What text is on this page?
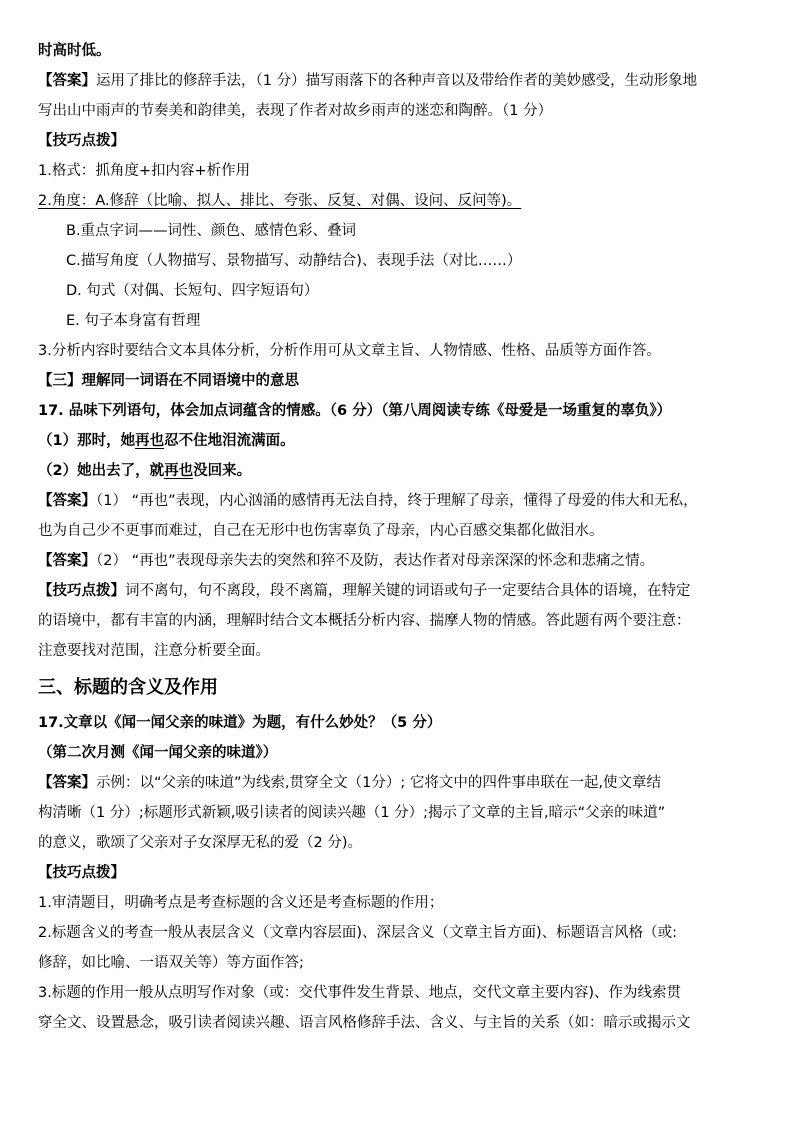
时高时低。
【答案】运用了排比的修辞手法，（1 分）描写雨落下的各种声音以及带给作者的美妙感受，生动形象地
写出山中雨声的节奏美和韵律美，表现了作者对故乡雨声的迷恋和陶醉。（1 分）
【技巧点拨】
1.格式：抓角度+扣内容+析作用
2.角度：A.修辞（比喻、拟人、排比、夸张、反复、对偶、设问、反问等)。
B.重点字词——词性、颜色、感情色彩、叠词
C.描写角度（人物描写、景物描写、动静结合)、表现手法（对比……）
D. 句式（对偶、长短句、四字短语句）
E. 句子本身富有哲理
3.分析内容时要结合文本具体分析，分析作用可从文章主旨、人物情感、性格、品质等方面作答。
【三】理解同一词语在不同语境中的意思
17. 品味下列语句，体会加点词蕴含的情感。（6 分）（第八周阅读专练《母爱是一场重复的辜负》）
（1）那时，她再也忍不住地泪流满面。
（2）她出去了，就再也没回来。
【答案】（1） “再也”表现，内心汹涌的感情再无法自持，终于理解了母亲，懂得了母爱的伟大和无私，
也为自己少不更事而难过，自己在无形中也伤害辜负了母亲，内心百感交集都化做泪水。
【答案】（2） “再也”表现母亲失去的突然和猝不及防，表达作者对母亲深深的怀念和悲痛之情。
【技巧点拨】词不离句，句不离段，段不离篇，理解关键的词语或句子一定要结合具体的语境，在特定
的语境中，都有丰富的内涵，理解时结合文本概括分析内容、揣摩人物的情感。答此题有两个要注意：
注意要找对范围，注意分析要全面。
三、标题的含义及作用
17.文章以《闻一闻父亲的味道》为题，有什么妙处？（5 分）
（第二次月测《闻一闻父亲的味道》）
【答案】示例：以“父亲的味道”为线索,贯穿全文（1分）; 它将文中的四件事串联在一起,使文章结
构清晰（1 分）;标题形式新颖,吸引读者的阅读兴趣（1 分）;揭示了文章的主旨,暗示“父亲的味道”
的意义，歌颂了父亲对子女深厚无私的爱（2 分)。
【技巧点拨】
1.审清题目，明确考点是考查标题的含义还是考查标题的作用；
2.标题含义的考查一般从表层含义（文章内容层面)、深层含义（文章主旨方面)、标题语言风格（或:
修辞，如比喻、一语双关等）等方面作答;
3.标题的作用一般从点明写作对象（或：交代事件发生背景、地点，交代文章主要内容)、作为线索贯
穿全文、设置悬念，吸引读者阅读兴趣、语言风格修辞手法、含义、与主旨的关系（如：暗示或揭示文
